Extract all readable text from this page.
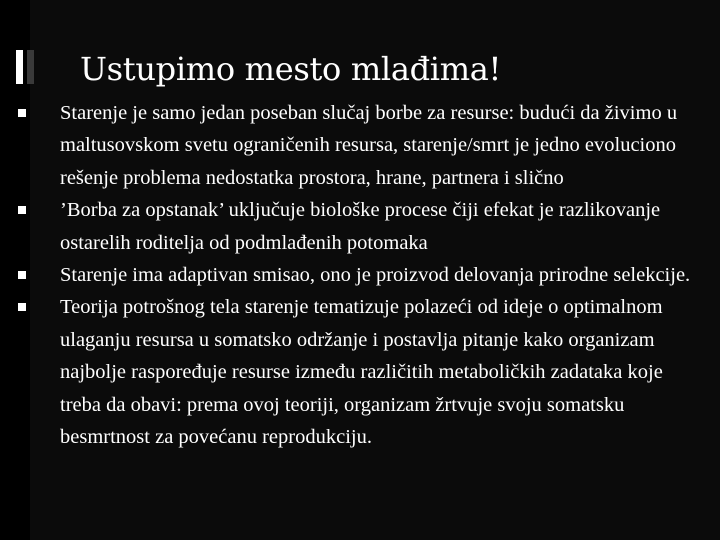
Ustupimo mesto mlađima!
Starenje je samo jedan poseban slučaj borbe za resurse: budući da živimo u maltusovskom svetu ograničenih resursa, starenje/smrt je jedno evoluciono rešenje problema nedostatka prostora, hrane, partnera i slično
’Borba za opstanak’ uključuje biološke procese čiji efekat je razlikovanje ostarelih roditelja od podmlađenih potomaka
Starenje ima adaptivan smisao, ono je proizvod delovanja prirodne selekcije.
Teorija potrošnog tela starenje tematizuje polazeći od ideje o optimalnom ulaganju resursa u somatsko održanje i postavlja pitanje kako organizam najbolje raspoređuje resurse između različitih metaboličkih zadataka koje treba da obavi: prema ovoj teoriji, organizam žrtvuje svoju somatsku besmrtnost za povećanu reprodukciju.
